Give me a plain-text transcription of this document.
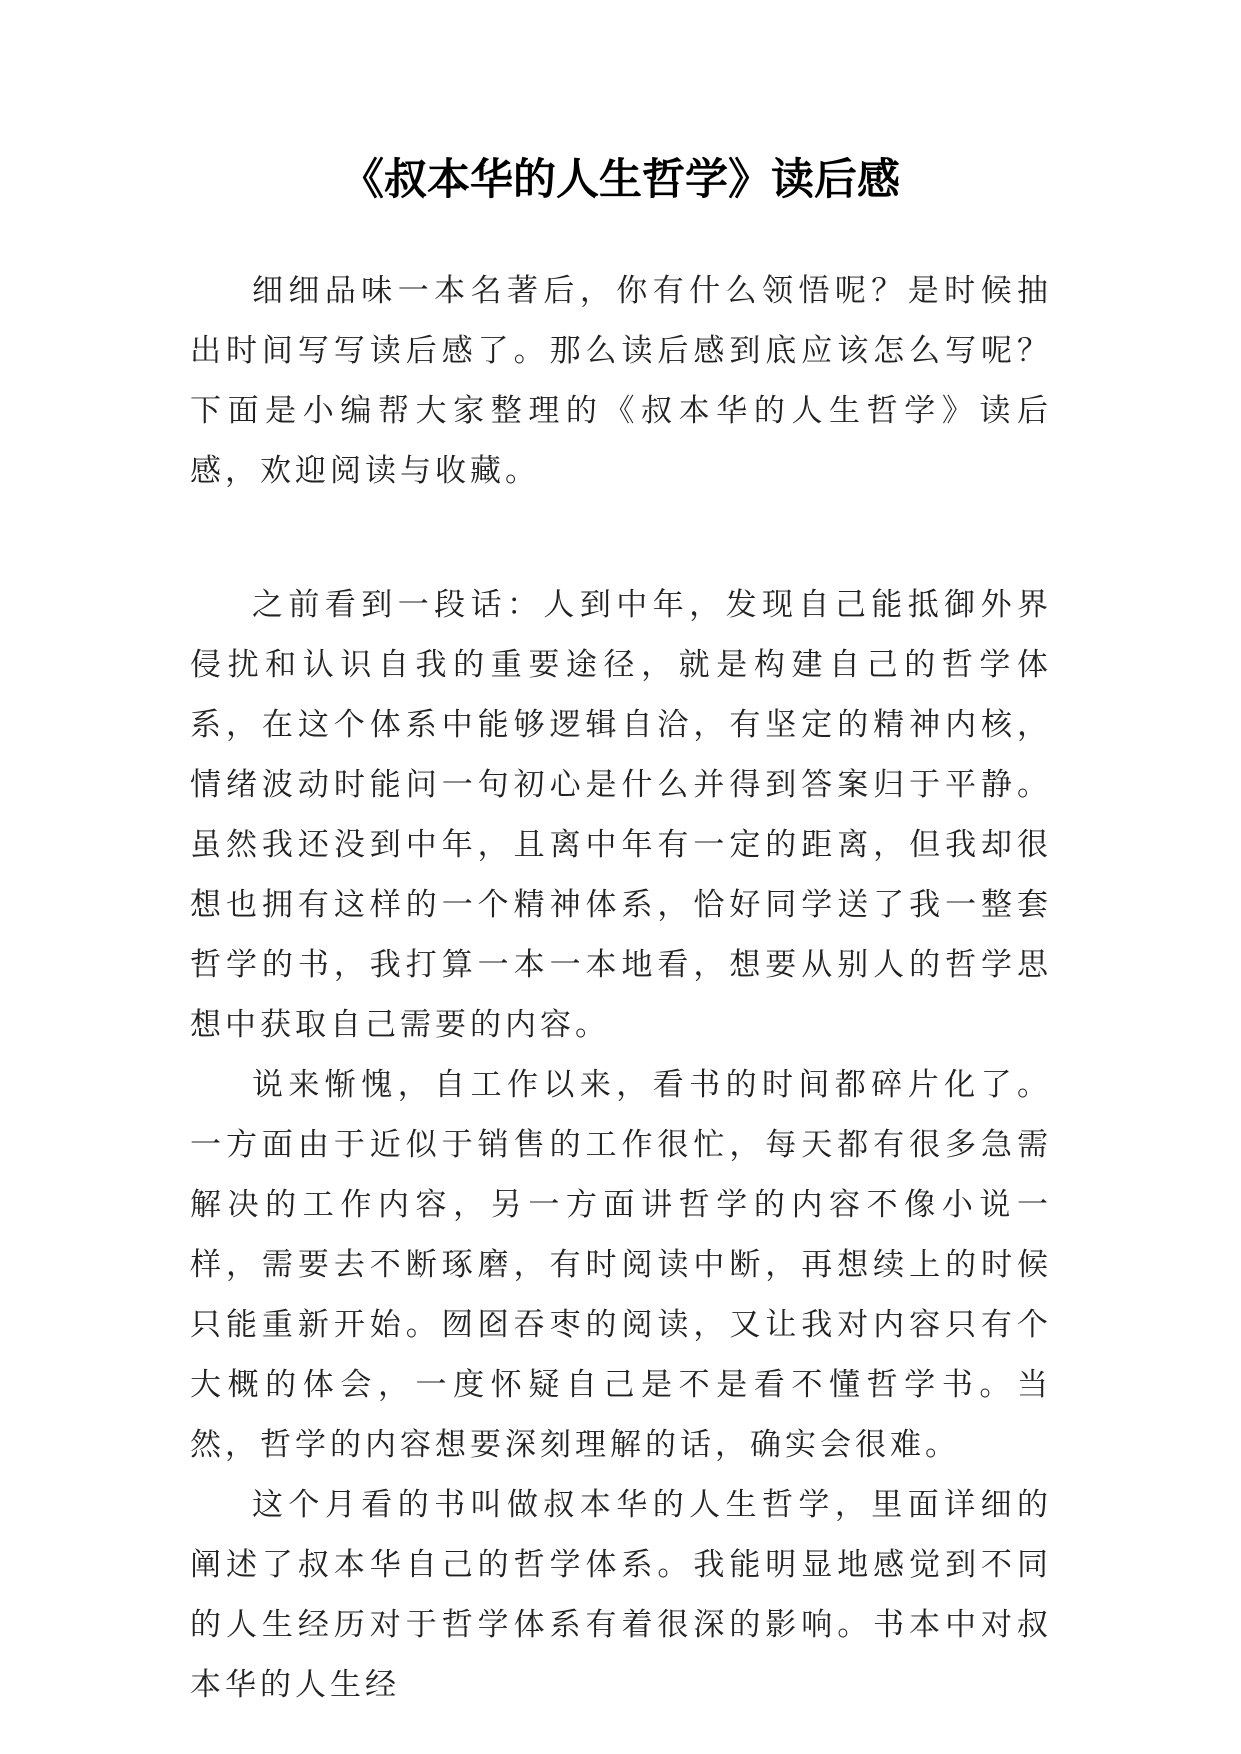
《叔本华的人生哲学》读后感

细细品味一本名著后，你有什么领悟呢？是时候抽出时间写写读后感了。那么读后感到底应该怎么写呢？下面是小编帮大家整理的《叔本华的人生哲学》读后感，欢迎阅读与收藏。

之前看到一段话：人到中年，发现自己能抵御外界侵扰和认识自我的重要途径，就是构建自己的哲学体系，在这个体系中能够逻辑自洽，有坚定的精神内核，情绪波动时能问一句初心是什么并得到答案归于平静。虽然我还没到中年，且离中年有一定的距离，但我却很想也拥有这样的一个精神体系，恰好同学送了我一整套哲学的书，我打算一本一本地看，想要从别人的哲学思想中获取自己需要的内容。

说来惭愧，自工作以来，看书的时间都碎片化了。一方面由于近似于销售的工作很忙，每天都有很多急需解决的工作内容，另一方面讲哲学的内容不像小说一样，需要去不断琢磨，有时阅读中断，再想续上的时候只能重新开始。囫囵吞枣的阅读，又让我对内容只有个大概的体会，一度怀疑自己是不是看不懂哲学书。当然，哲学的内容想要深刻理解的话，确实会很难。

这个月看的书叫做叔本华的人生哲学，里面详细的阐述了叔本华自己的哲学体系。我能明显地感觉到不同的人生经历对于哲学体系有着很深的影响。书本中对叔本华的人生经
